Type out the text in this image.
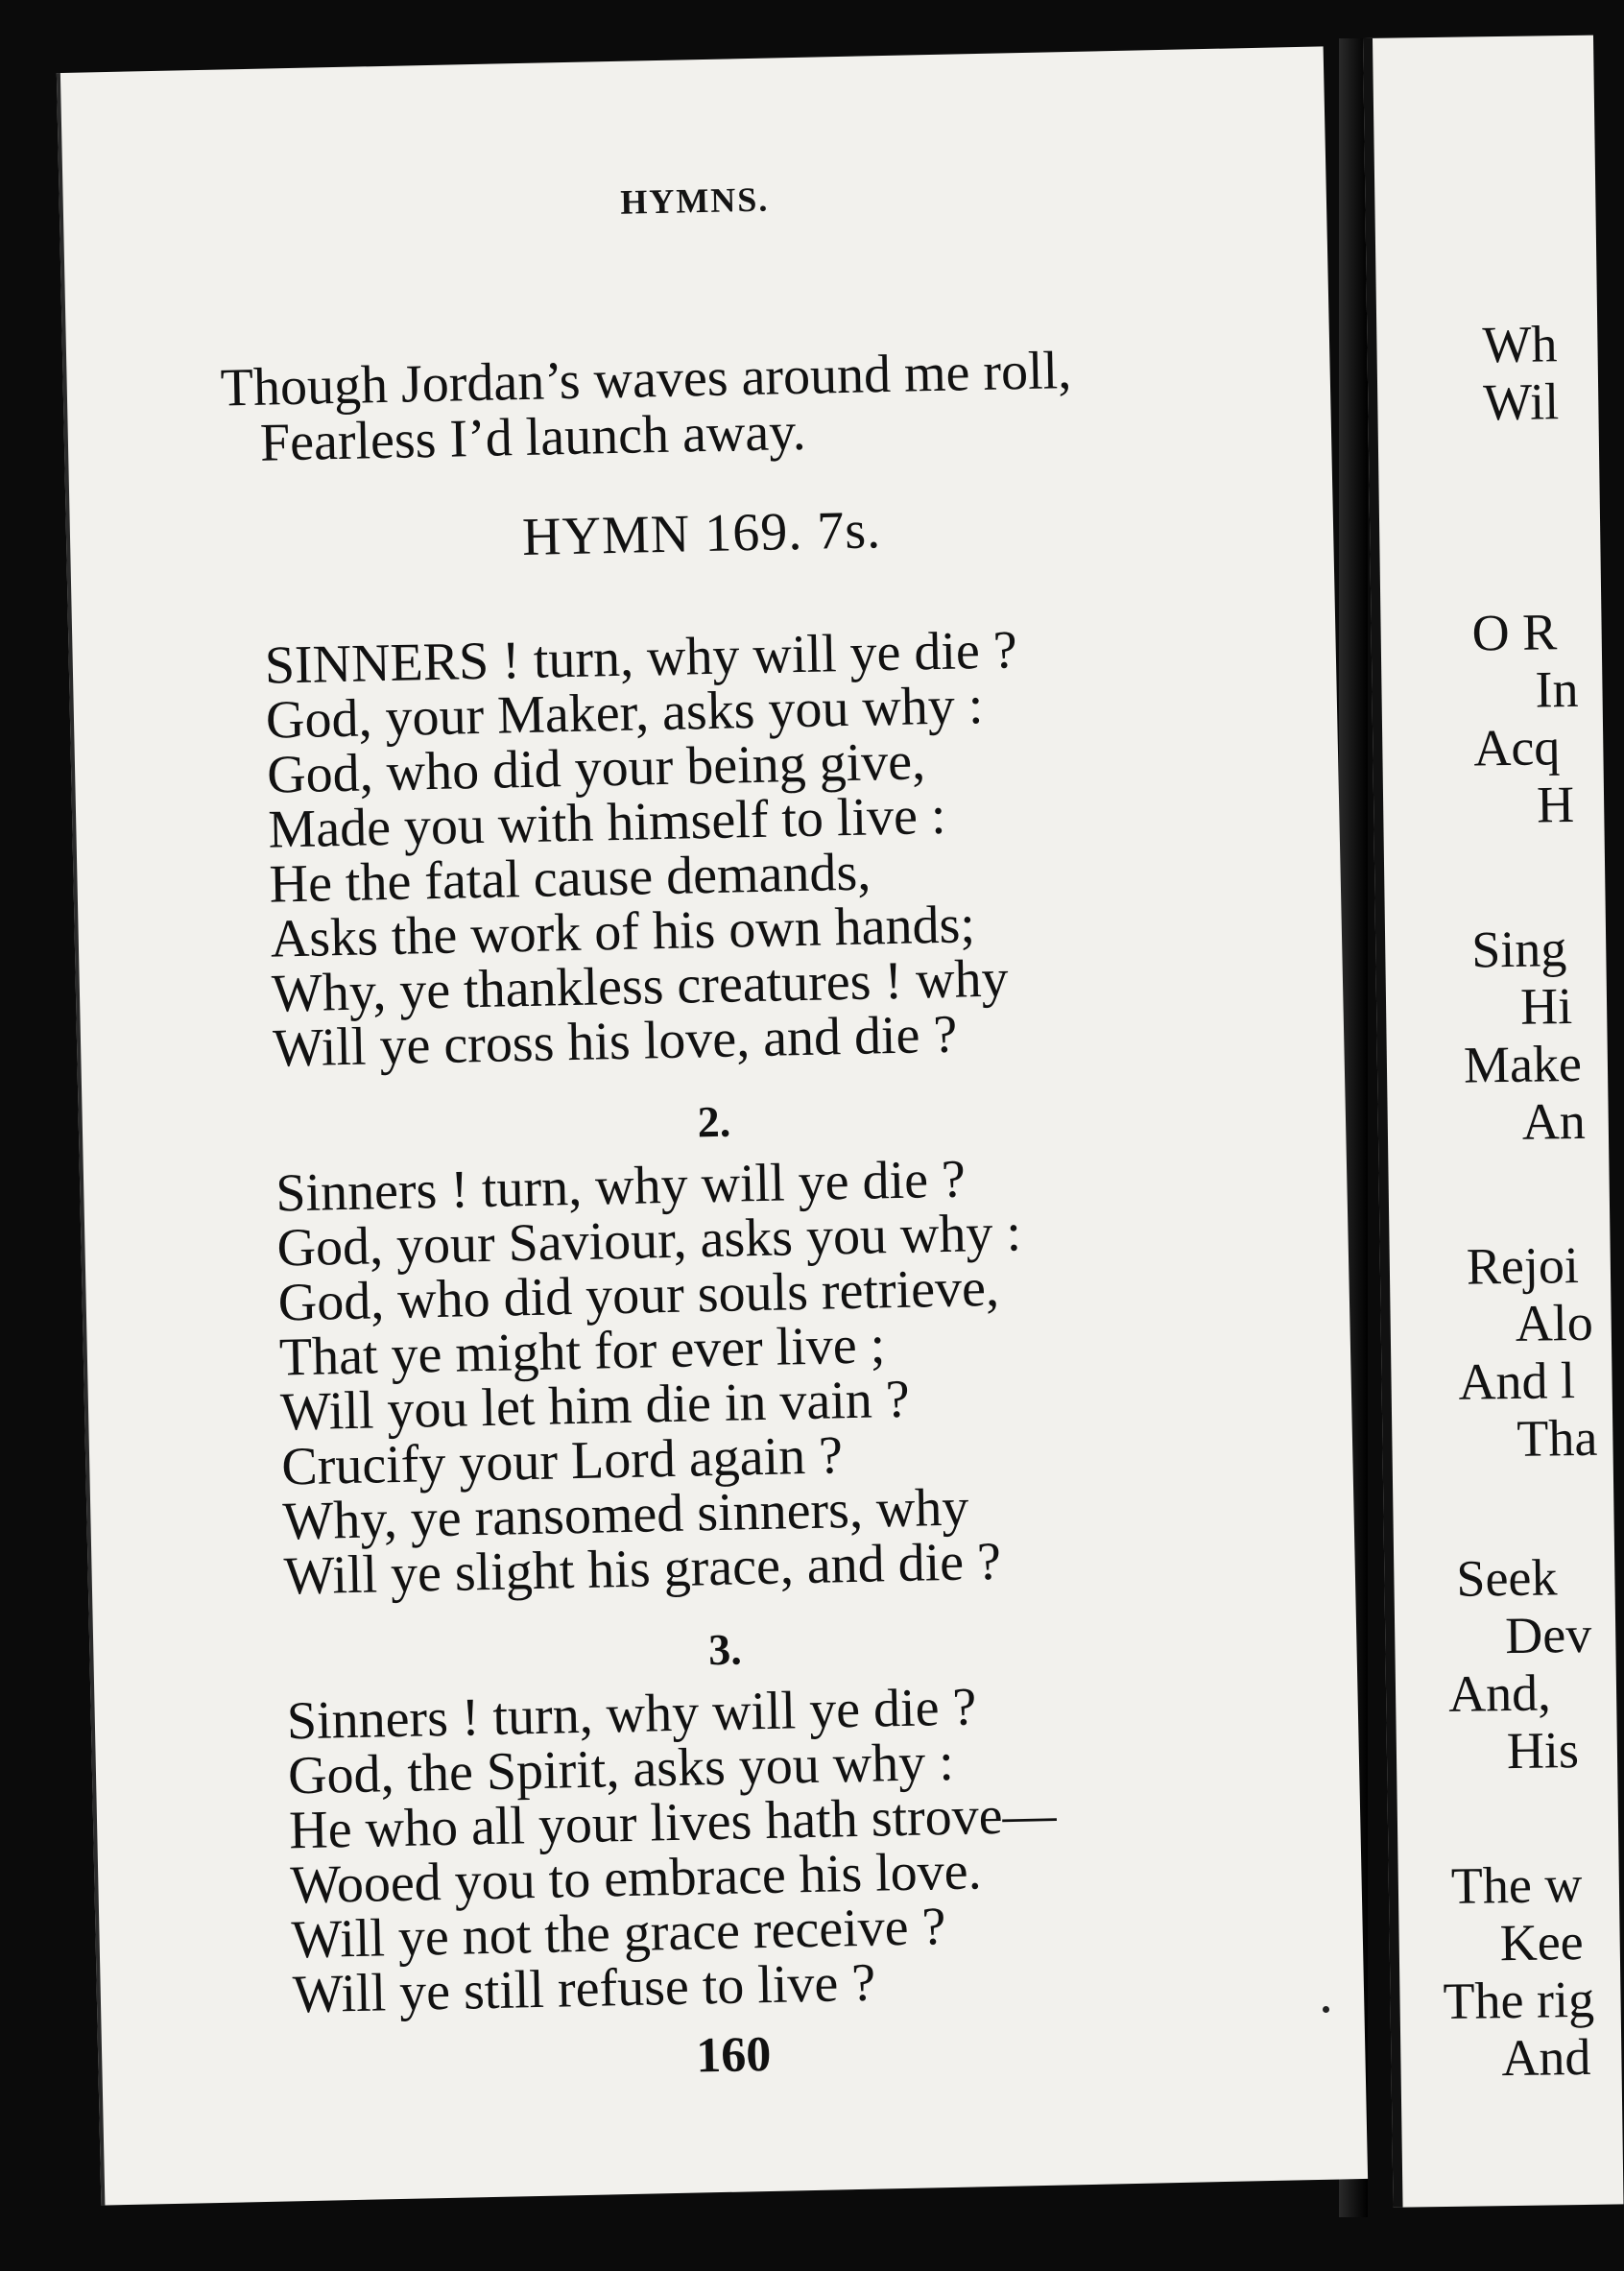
HYMNS.
Though Jordan’s waves around me roll,
Fearless I’d launch away.
HYMN 169. 7s.
SINNERS ! turn, why will ye die ?
God, your Maker, asks you why :
God, who did your being give,
Made you with himself to live :
He the fatal cause demands,
Asks the work of his own hands;
Why, ye thankless creatures ! why
Will ye cross his love, and die ?
2.
Sinners ! turn, why will ye die ?
God, your Saviour, asks you why :
God, who did your souls retrieve,
That ye might for ever live ;
Will you let him die in vain ?
Crucify your Lord again ?
Why, ye ransomed sinners, why
Will ye slight his grace, and die ?
3.
Sinners ! turn, why will ye die ?
God, the Spirit, asks you why :
He who all your lives hath strove—
Wooed you to embrace his love.
Will ye not the grace receive ?
Will ye still refuse to live ?
160
Wh
Wil
O R
In
Acq
H
Sing
Hi
Make
An
Rejoi
Alo
And l
Tha
Seek
Dev
And,
His
The w
Kee
The rig
And
